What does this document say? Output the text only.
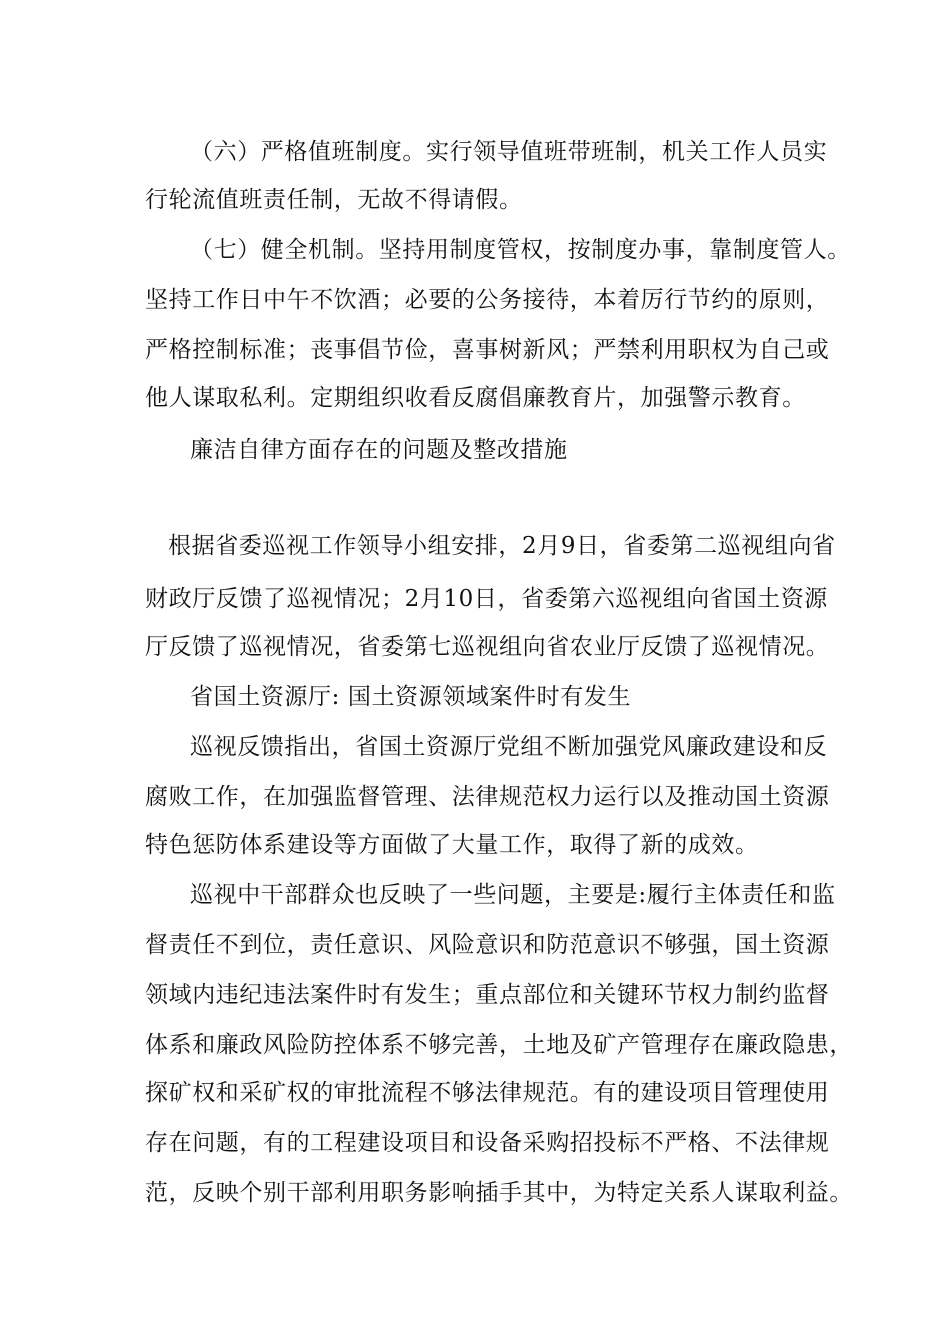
（六）严格值班制度。实行领导值班带班制，机关工作人员实
行轮流值班责任制，无故不得请假。
（七）健全机制。坚持用制度管权，按制度办事，靠制度管人。
坚持工作日中午不饮酒；必要的公务接待，本着厉行节约的原则，
严格控制标准；丧事倡节俭，喜事树新风；严禁利用职权为自己或
他人谋取私利。定期组织收看反腐倡廉教育片，加强警示教育。
廉洁自律方面存在的问题及整改措施
根据省委巡视工作领导小组安排，2月9日，省委第二巡视组向省
财政厅反馈了巡视情况；2月10日，省委第六巡视组向省国土资源
厅反馈了巡视情况，省委第七巡视组向省农业厅反馈了巡视情况。
省国土资源厅: 国土资源领域案件时有发生
巡视反馈指出，省国土资源厅党组不断加强党风廉政建设和反
腐败工作，在加强监督管理、法律规范权力运行以及推动国土资源
特色惩防体系建设等方面做了大量工作，取得了新的成效。
巡视中干部群众也反映了一些问题，主要是:履行主体责任和监
督责任不到位，责任意识、风险意识和防范意识不够强，国土资源
领域内违纪违法案件时有发生；重点部位和关键环节权力制约监督
体系和廉政风险防控体系不够完善，土地及矿产管理存在廉政隐患，
探矿权和采矿权的审批流程不够法律规范。有的建设项目管理使用
存在问题，有的工程建设项目和设备采购招投标不严格、不法律规
范，反映个别干部利用职务影响插手其中，为特定关系人谋取利益。
